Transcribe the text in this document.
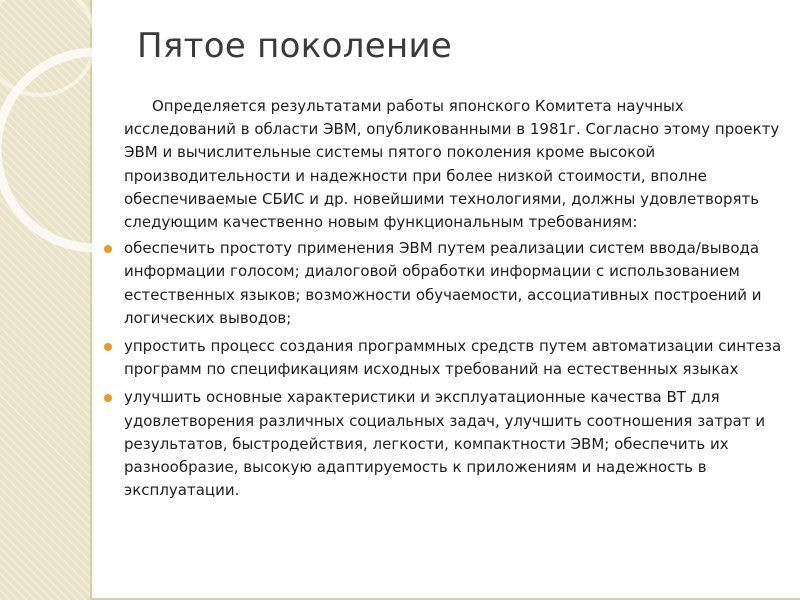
Пятое поколение

Определяется результатами работы японского Комитета научных исследований в области ЭВМ, опубликованными в 1981г. Согласно этому проекту ЭВМ и вычислительные системы пятого поколения кроме высокой производительности и надежности при более низкой стоимости, вполне обеспечиваемые СБИС и др. новейшими технологиями, должны удовлетворять следующим качественно новым функциональным требованиям:

обеспечить простоту применения ЭВМ путем реализации систем ввода/вывода информации голосом; диалоговой обработки информации с использованием естественных языков; возможности обучаемости, ассоциативных построений и логических выводов;
упростить процесс создания программных средств путем автоматизации синтеза программ по спецификациям исходных требований на естественных языках
улучшить основные характеристики и эксплуатационные качества ВТ для удовлетворения различных социальных задач, улучшить соотношения затрат и результатов, быстродействия, легкости, компактности ЭВМ; обеспечить их разнообразие, высокую адаптируемость к приложениям и надежность в эксплуатации.
